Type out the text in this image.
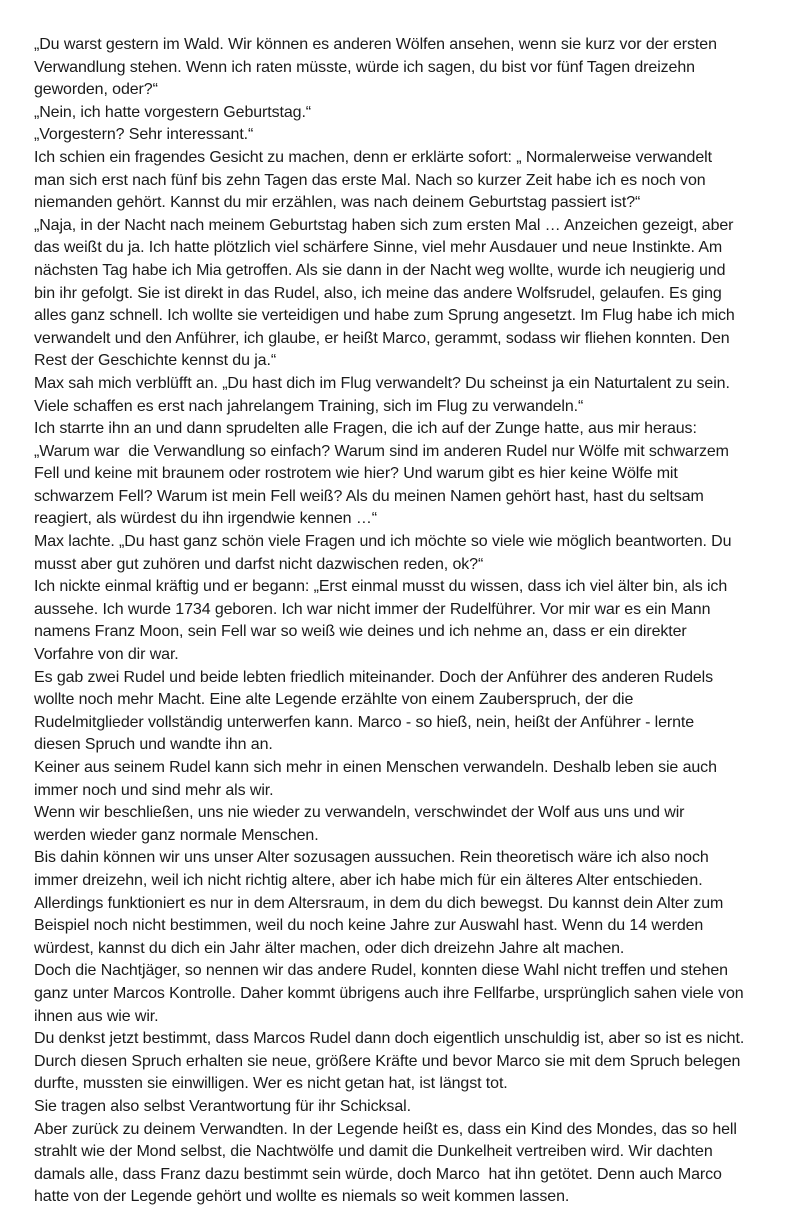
„Du warst gestern im Wald. Wir können es anderen Wölfen ansehen, wenn sie kurz vor der ersten
Verwandlung stehen. Wenn ich raten müsste, würde ich sagen, du bist vor fünf Tagen dreizehn
geworden, oder?“
„Nein, ich hatte vorgestern Geburtstag.“
„Vorgestern? Sehr interessant.“
Ich schien ein fragendes Gesicht zu machen, denn er erklärte sofort: „ Normalerweise verwandelt
man sich erst nach fünf bis zehn Tagen das erste Mal. Nach so kurzer Zeit habe ich es noch von
niemanden gehört. Kannst du mir erzählen, was nach deinem Geburtstag passiert ist?“
„Naja, in der Nacht nach meinem Geburtstag haben sich zum ersten Mal … Anzeichen gezeigt, aber
das weißt du ja. Ich hatte plötzlich viel schärfere Sinne, viel mehr Ausdauer und neue Instinkte. Am
nächsten Tag habe ich Mia getroffen. Als sie dann in der Nacht weg wollte, wurde ich neugierig und
bin ihr gefolgt. Sie ist direkt in das Rudel, also, ich meine das andere Wolfsrudel, gelaufen. Es ging
alles ganz schnell. Ich wollte sie verteidigen und habe zum Sprung angesetzt. Im Flug habe ich mich
verwandelt und den Anführer, ich glaube, er heißt Marco, gerammt, sodass wir fliehen konnten. Den
Rest der Geschichte kennst du ja.“
Max sah mich verblüfft an. „Du hast dich im Flug verwandelt? Du scheinst ja ein Naturtalent zu sein.
Viele schaffen es erst nach jahrelangem Training, sich im Flug zu verwandeln.“
Ich starrte ihn an und dann sprudelten alle Fragen, die ich auf der Zunge hatte, aus mir heraus:
„Warum war  die Verwandlung so einfach? Warum sind im anderen Rudel nur Wölfe mit schwarzem
Fell und keine mit braunem oder rostrotem wie hier? Und warum gibt es hier keine Wölfe mit
schwarzem Fell? Warum ist mein Fell weiß? Als du meinen Namen gehört hast, hast du seltsam
reagiert, als würdest du ihn irgendwie kennen …“
Max lachte. „Du hast ganz schön viele Fragen und ich möchte so viele wie möglich beantworten. Du
musst aber gut zuhören und darfst nicht dazwischen reden, ok?“
Ich nickte einmal kräftig und er begann: „Erst einmal musst du wissen, dass ich viel älter bin, als ich
aussehe. Ich wurde 1734 geboren. Ich war nicht immer der Rudelführer. Vor mir war es ein Mann
namens Franz Moon, sein Fell war so weiß wie deines und ich nehme an, dass er ein direkter
Vorfahre von dir war.
Es gab zwei Rudel und beide lebten friedlich miteinander. Doch der Anführer des anderen Rudels
wollte noch mehr Macht. Eine alte Legende erzählte von einem Zauberspruch, der die
Rudelmitglieder vollständig unterwerfen kann. Marco - so hieß, nein, heißt der Anführer - lernte
diesen Spruch und wandte ihn an.
Keiner aus seinem Rudel kann sich mehr in einen Menschen verwandeln. Deshalb leben sie auch
immer noch und sind mehr als wir.
Wenn wir beschließen, uns nie wieder zu verwandeln, verschwindet der Wolf aus uns und wir
werden wieder ganz normale Menschen.
Bis dahin können wir uns unser Alter sozusagen aussuchen. Rein theoretisch wäre ich also noch
immer dreizehn, weil ich nicht richtig altere, aber ich habe mich für ein älteres Alter entschieden.
Allerdings funktioniert es nur in dem Altersraum, in dem du dich bewegst. Du kannst dein Alter zum
Beispiel noch nicht bestimmen, weil du noch keine Jahre zur Auswahl hast. Wenn du 14 werden
würdest, kannst du dich ein Jahr älter machen, oder dich dreizehn Jahre alt machen.
Doch die Nachtjäger, so nennen wir das andere Rudel, konnten diese Wahl nicht treffen und stehen
ganz unter Marcos Kontrolle. Daher kommt übrigens auch ihre Fellfarbe, ursprünglich sahen viele von
ihnen aus wie wir.
Du denkst jetzt bestimmt, dass Marcos Rudel dann doch eigentlich unschuldig ist, aber so ist es nicht.
Durch diesen Spruch erhalten sie neue, größere Kräfte und bevor Marco sie mit dem Spruch belegen
durfte, mussten sie einwilligen. Wer es nicht getan hat, ist längst tot.
Sie tragen also selbst Verantwortung für ihr Schicksal.
Aber zurück zu deinem Verwandten. In der Legende heißt es, dass ein Kind des Mondes, das so hell
strahlt wie der Mond selbst, die Nachtwölfe und damit die Dunkelheit vertreiben wird. Wir dachten
damals alle, dass Franz dazu bestimmt sein würde, doch Marco  hat ihn getötet. Denn auch Marco
hatte von der Legende gehört und wollte es niemals so weit kommen lassen.
